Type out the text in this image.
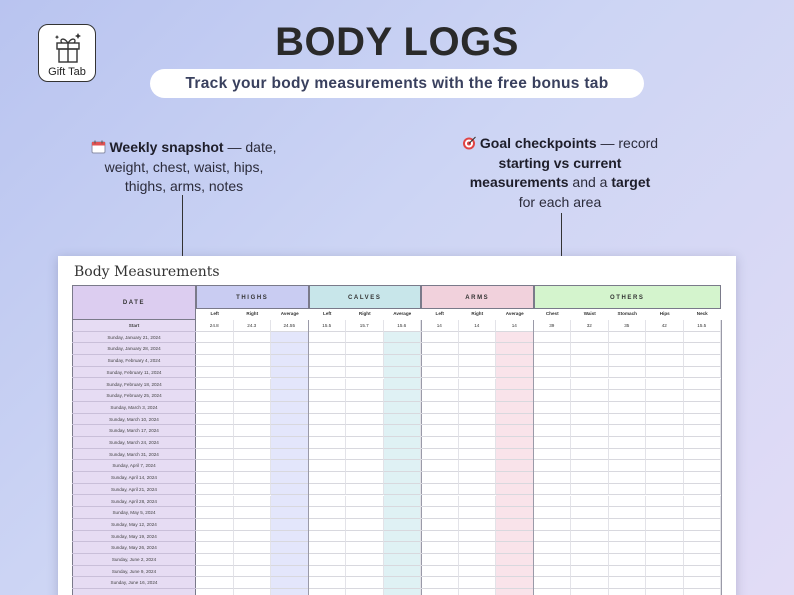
Gift Tab
BODY LOGS
Track your body measurements with the free bonus tab
Weekly snapshot — date, weight, chest, waist, hips, thighs, arms, notes
Goal checkpoints — record starting vs current measurements and a target for each area
Body Measurements
DATE
THIGHS
Left
24.8
Right
24.3
Average
24.55
CALVES
Left
15.5
Right
15.7
Average
15.6
ARMS
Left
14
Right
14
Average
14
OTHERS
Chest
39
Waist
32
Stomach
35
Hips
42
Neck
15.5
Start
Sunday, January 21, 2024
Sunday, January 28, 2024
Sunday, February 4, 2024
Sunday, February 11, 2024
Sunday, February 18, 2024
Sunday, February 25, 2024
Sunday, March 3, 2024
Sunday, March 10, 2024
Sunday, March 17, 2024
Sunday, March 24, 2024
Sunday, March 31, 2024
Sunday, April 7, 2024
Sunday, April 14, 2024
Sunday, April 21, 2024
Sunday, April 28, 2024
Sunday, May 5, 2024
Sunday, May 12, 2024
Sunday, May 19, 2024
Sunday, May 26, 2024
Sunday, June 2, 2024
Sunday, June 9, 2024
Sunday, June 16, 2024
